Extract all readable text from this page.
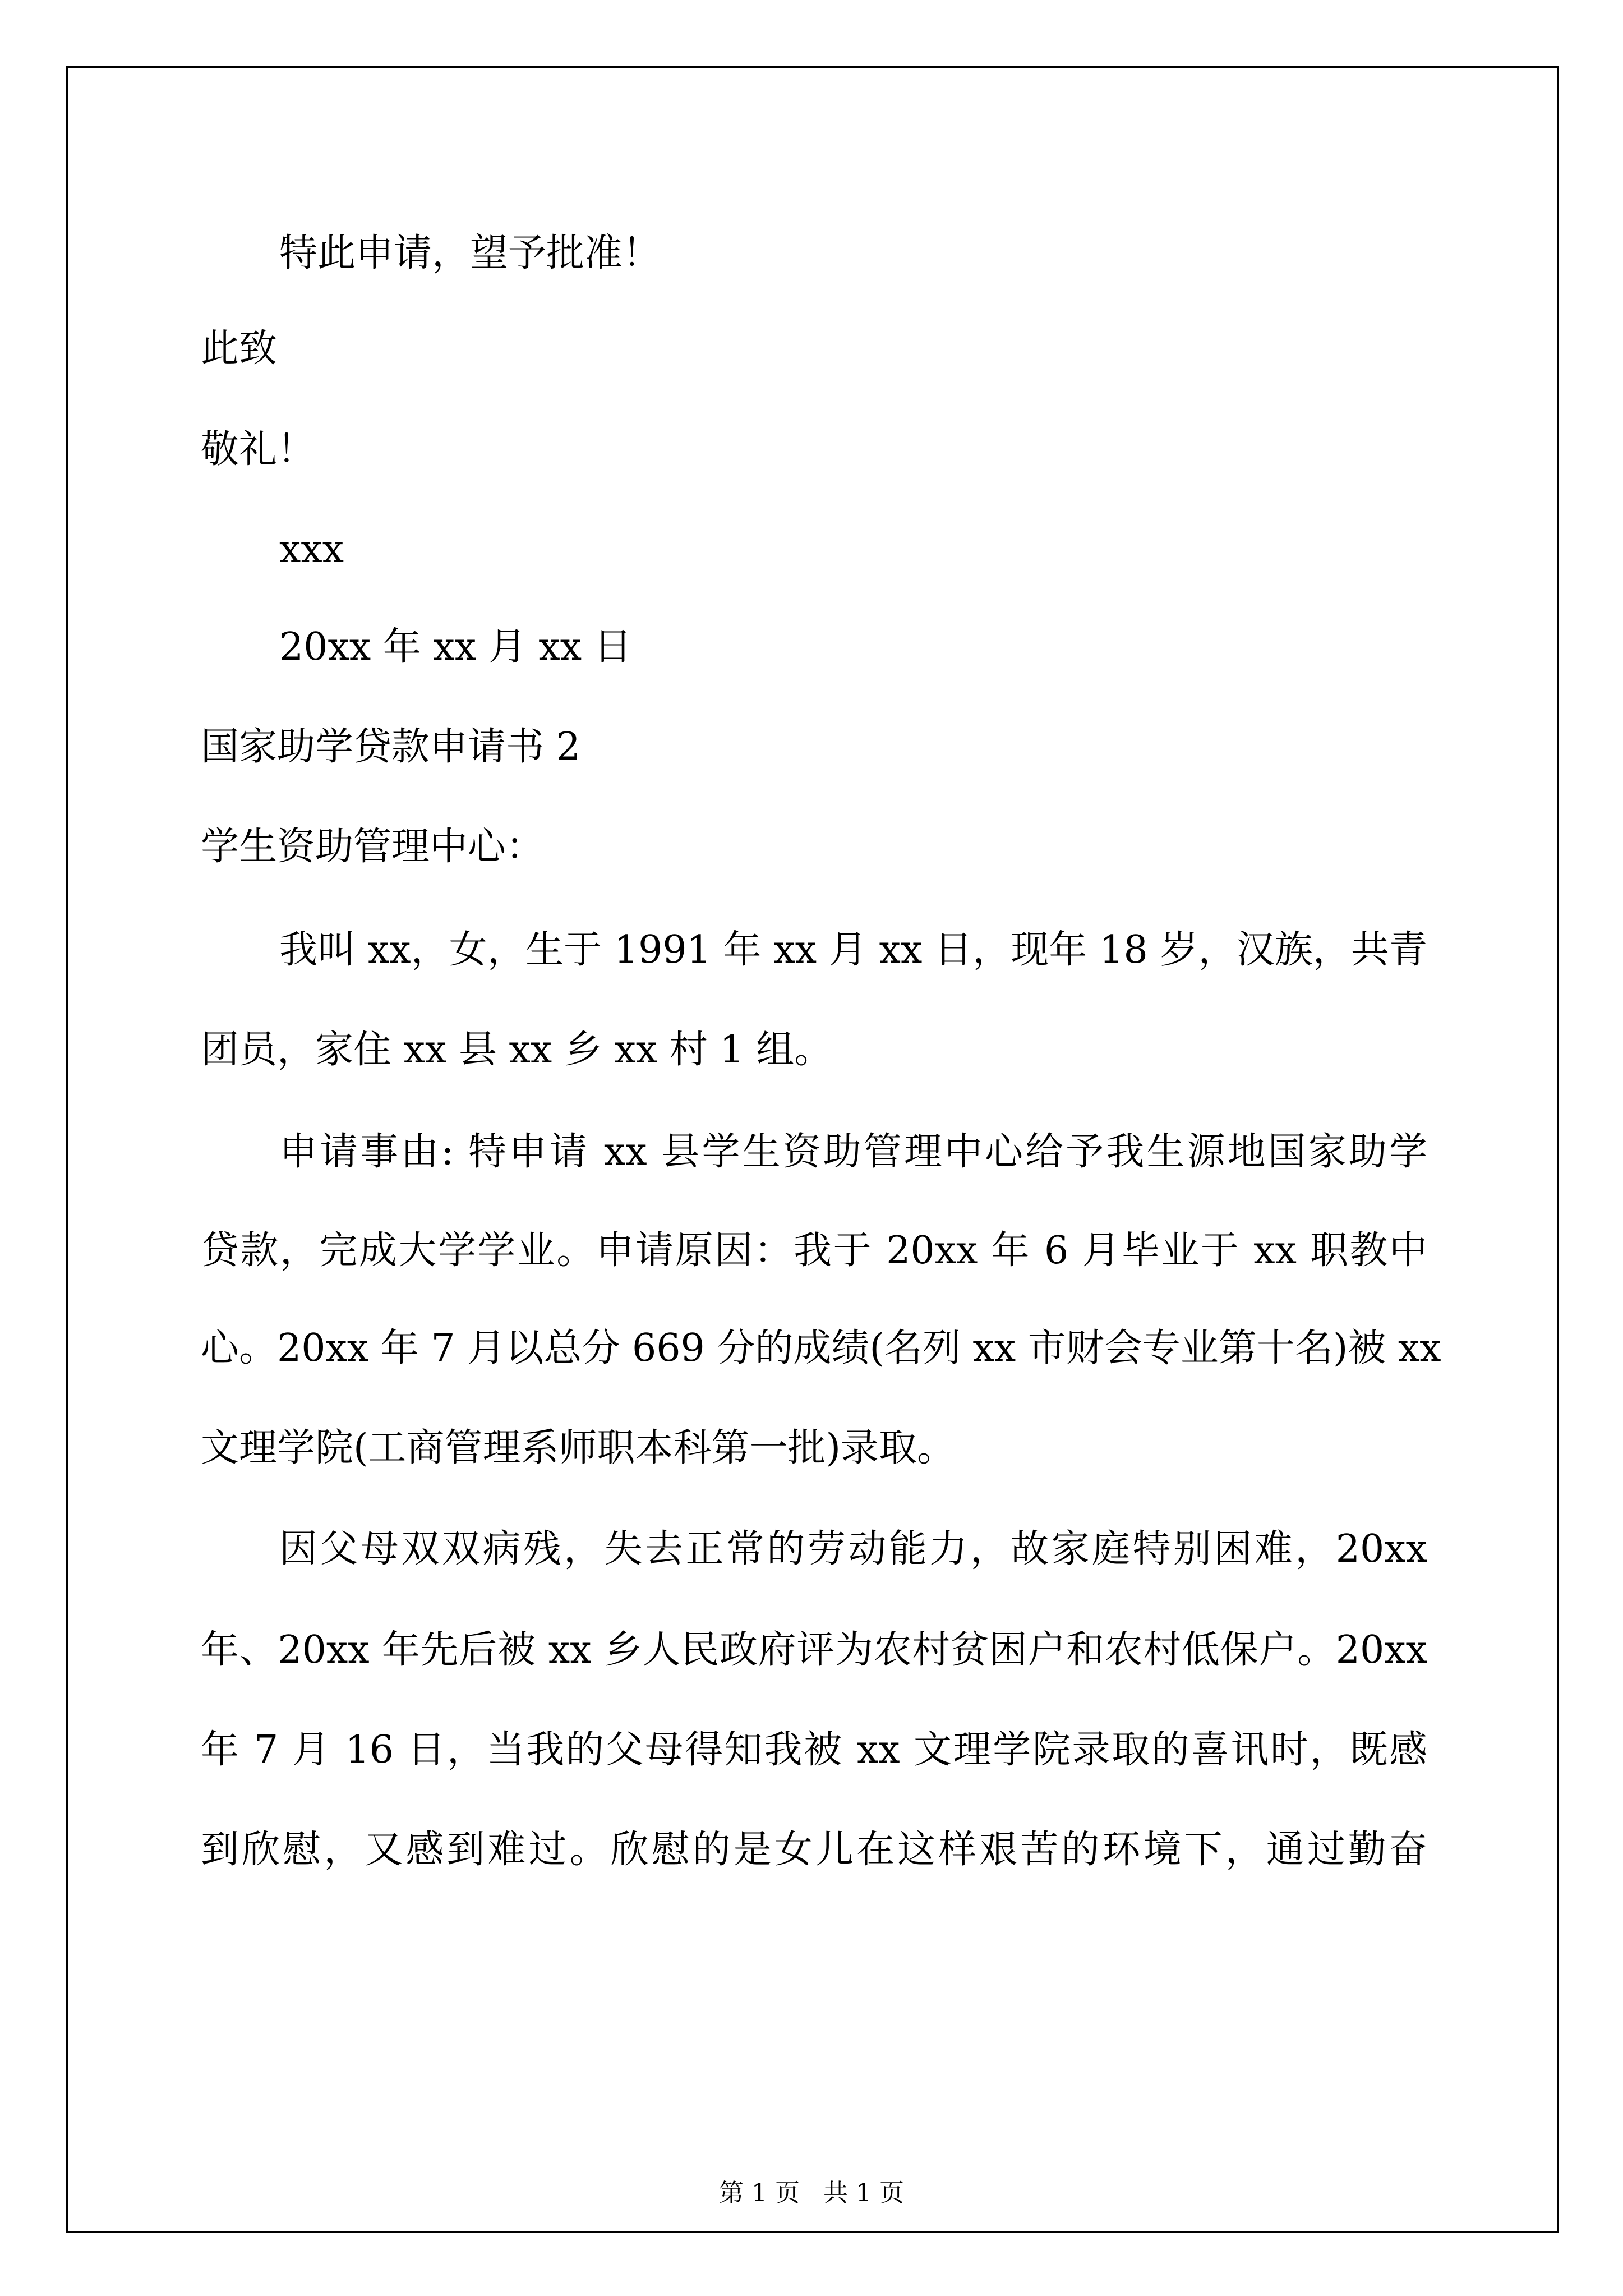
特此申请，望予批准！
此致
敬礼！
xxx
20xx 年 xx 月 xx 日
国家助学贷款申请书 2
学生资助管理中心：
我叫 xx，女，生于 1991 年 xx 月 xx 日，现年 18 岁，汉族，共青
团员，家住 xx 县 xx 乡 xx 村 1 组。
申请事由: 特申请 xx 县学生资助管理中心给予我生源地国家助学
贷款，完成大学学业。申请原因：我于 20xx 年 6 月毕业于 xx 职教中
心。20xx 年 7 月以总分 669 分的成绩(名列 xx 市财会专业第十名)被 xx
文理学院(工商管理系师职本科第一批)录取。
因父母双双病残，失去正常的劳动能力，故家庭特别困难，20xx
年、20xx 年先后被 xx 乡人民政府评为农村贫困户和农村低保户。20xx
年 7 月 16 日，当我的父母得知我被 xx 文理学院录取的喜讯时，既感
到欣慰，又感到难过。欣慰的是女儿在这样艰苦的环境下，通过勤奋
第 1 页   共 1 页
